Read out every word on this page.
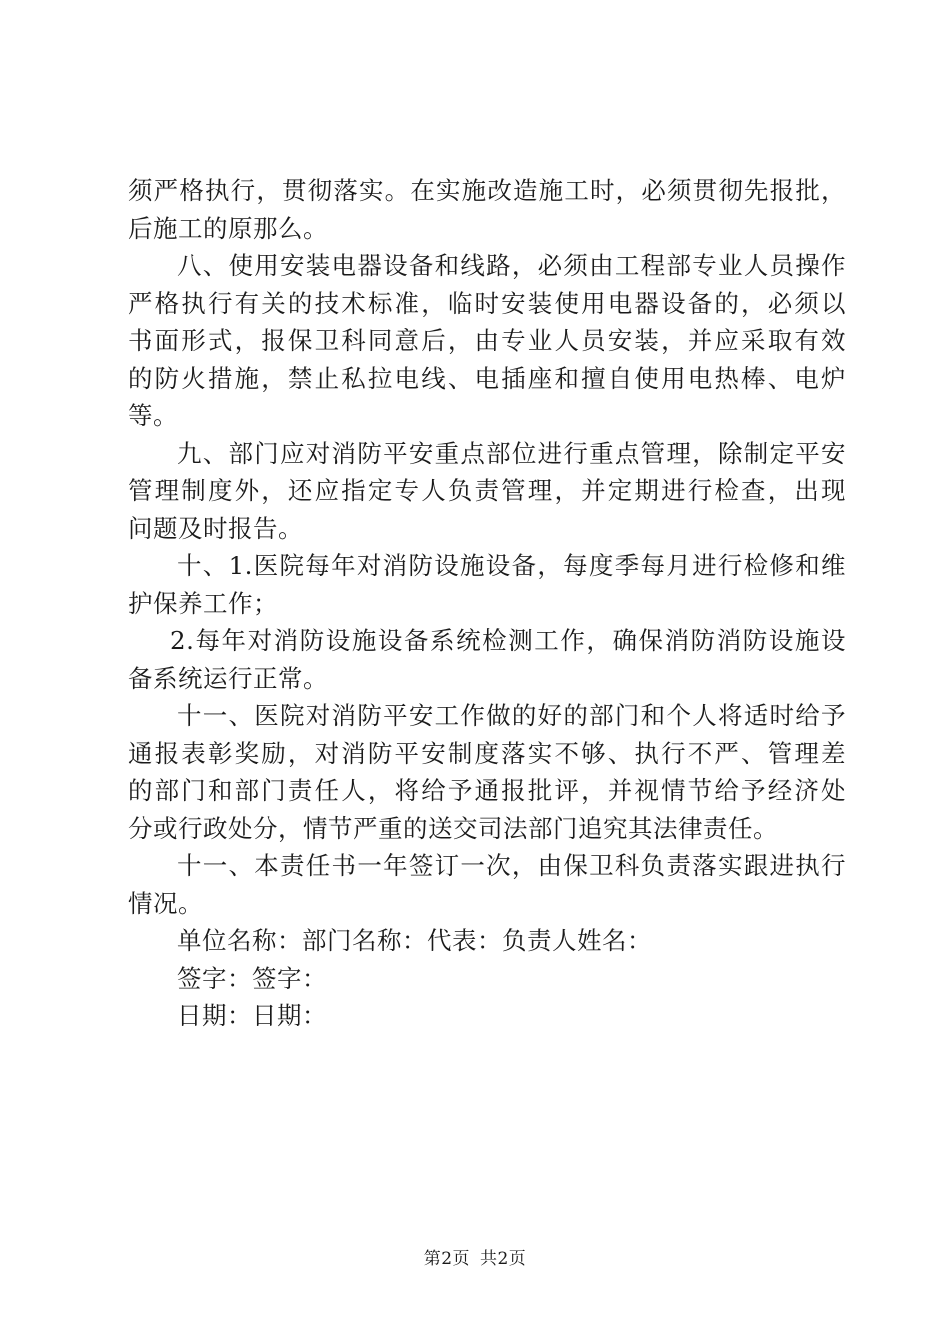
须严格执行，贯彻落实。在实施改造施工时，必须贯彻先报批，
后施工的原那么。
八、使用安装电器设备和线路，必须由工程部专业人员操作
严格执行有关的技术标准，临时安装使用电器设备的，必须以
书面形式，报保卫科同意后，由专业人员安装，并应采取有效
的防火措施，禁止私拉电线、电插座和擅自使用电热棒、电炉
等。
九、部门应对消防平安重点部位进行重点管理，除制定平安
管理制度外，还应指定专人负责管理，并定期进行检查，出现
问题及时报告。
十、1.医院每年对消防设施设备，每度季每月进行检修和维
护保养工作；
2.每年对消防设施设备系统检测工作，确保消防消防设施设
备系统运行正常。
十一、医院对消防平安工作做的好的部门和个人将适时给予
通报表彰奖励，对消防平安制度落实不够、执行不严、管理差
的部门和部门责任人，将给予通报批评，并视情节给予经济处
分或行政处分，情节严重的送交司法部门追究其法律责任。
十一、本责任书一年签订一次，由保卫科负责落实跟进执行
情况。
单位名称：部门名称：代表：负责人姓名：
签字：签字：
日期：日期：
第2页 共2页
